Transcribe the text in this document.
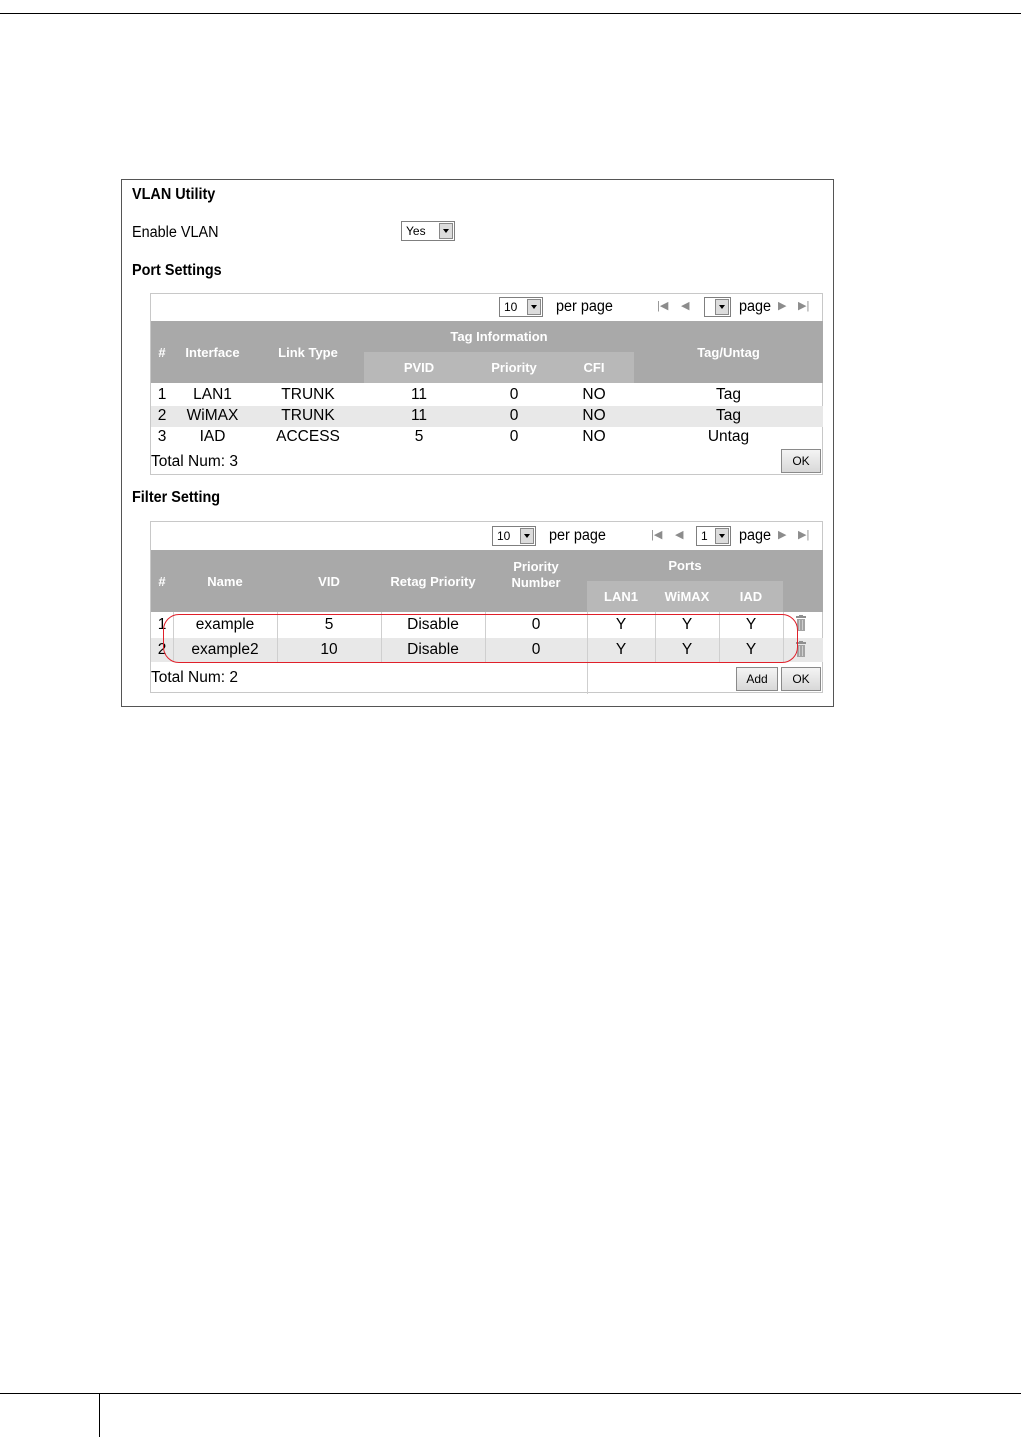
VLAN Utility
Enable VLAN	Yes
Port Settings
10	per page	|◀ ◀	page ▶ ▶|
#	Interface	Link Type
Tag Information
PVID	Priority	CFI
Tag/Untag
1	LAN1	TRUNK	11	0	NO	Tag
2	WiMAX	TRUNK	11	0	NO	Tag
3	IAD	ACCESS	5	0	NO	Untag
Total Num: 3	OK
Filter Setting
10	per page	|◀ ◀	1	page ▶ ▶|
#	Name	VID	Retag Priority
Priority
Number
Ports
LAN1	WiMAX	IAD
1	example	5	Disable	0	Y	Y	Y
2	example2	10	Disable	0	Y	Y	Y
Total Num: 2	Add	OK
